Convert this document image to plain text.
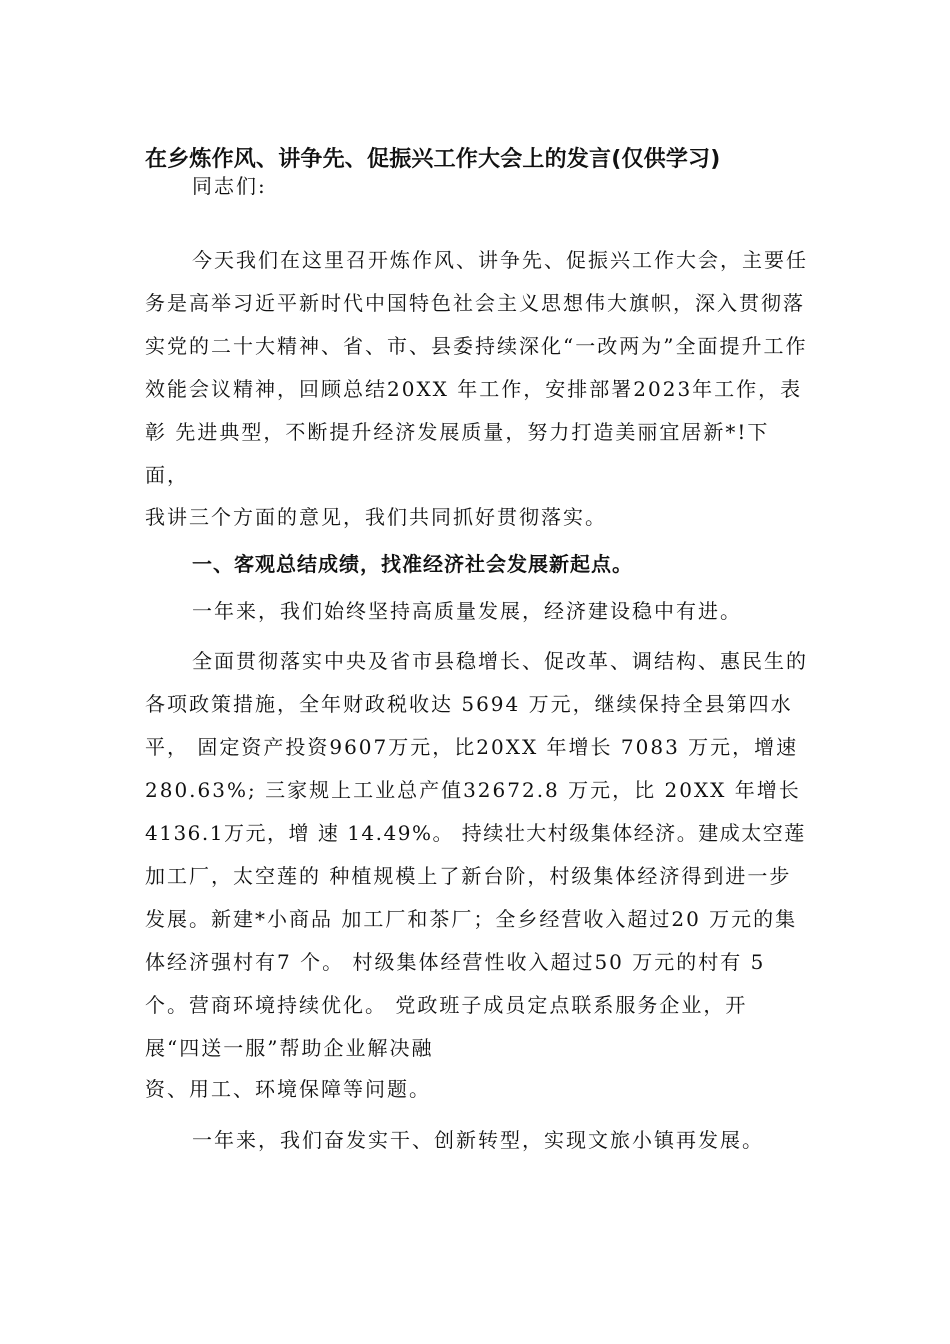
在乡炼作风、讲争先、促振兴工作大会上的发言(仅供学习)
同志们:
今天我们在这里召开炼作风、讲争先、促振兴工作大会，主要任
务是高举习近平新时代中国特色社会主义思想伟大旗帜，深入贯彻落
实党的二十大精神、省、市、县委持续深化“一改两为”全面提升工作
效能会议精神，回顾总结20XX 年工作，安排部署2023年工作，表
彰 先进典型，不断提升经济发展质量，努力打造美丽宜居新*!下
面，
我讲三个方面的意见，我们共同抓好贯彻落实。
一、客观总结成绩，找准经济社会发展新起点。
一年来，我们始终坚持高质量发展，经济建设稳中有进。
全面贯彻落实中央及省市县稳增长、促改革、调结构、惠民生的
各项政策措施，全年财政税收达 5694 万元，继续保持全县第四水
平， 固定资产投资9607万元，比20XX 年增长 7083 万元，增速
280.63%; 三家规上工业总产值32672.8 万元，比 20XX 年增长
4136.1万元，增 速 14.49%。 持续壮大村级集体经济。建成太空莲
加工厂，太空莲的 种植规模上了新台阶，村级集体经济得到进一步
发展。新建*小商品 加工厂和茶厂；全乡经营收入超过20 万元的集
体经济强村有7 个。 村级集体经营性收入超过50 万元的村有 5
个。营商环境持续优化。 党政班子成员定点联系服务企业，开
展“四送一服”帮助企业解决融
资、用工、环境保障等问题。
一年来，我们奋发实干、创新转型，实现文旅小镇再发展。
